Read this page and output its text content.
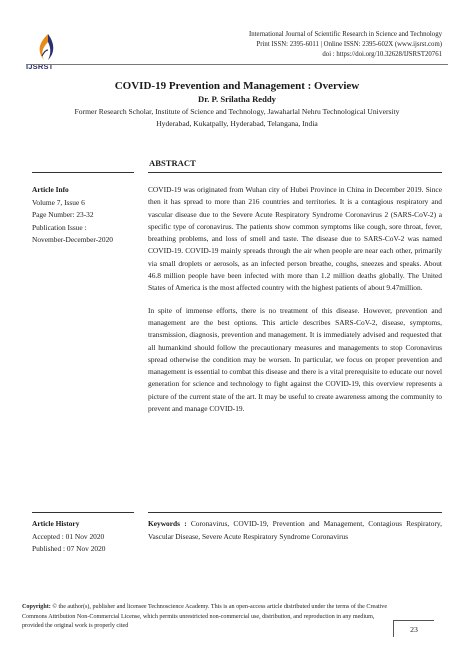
IJSRST
International Journal of Scientific Research in Science and Technology
Print ISSN: 2395-6011 | Online ISSN: 2395-602X (www.ijsrst.com)
doi : https://doi.org/10.32628/IJSRST20761
COVID-19 Prevention and Management : Overview
Dr. P. Srilatha Reddy
Former Research Scholar, Institute of Science and Technology, Jawaharlal Nehru Technological University
Hyderabad, Kukatpally, Hyderabad, Telangana, India
ABSTRACT
Article Info
Volume 7, Issue 6
Page Number: 23-32
Publication Issue :
November-December-2020

COVID-19 was originated from Wuhan city of Hubei Province in China in December 2019. Since then it has spread to more than 216 countries and territories. It is a contagious respiratory and vascular disease due to the Severe Acute Respiratory Syndrome Coronavirus 2 (SARS-CoV-2) a specific type of coronavirus. The patients show common symptoms like cough, sore throat, fever, breathing problems, and loss of smell and taste. The disease due to SARS-CoV-2 was named COVID-19. COVID-19 mainly spreads through the air when people are near each other, primarily via small droplets or aerosols, as an infected person breathe, coughs, sneezes and speaks. About 46.8 million people have been infected with more than 1.2 million deaths globally. The United States of America is the most affected country with the highest patients of about 9.47million.

In spite of immense efforts, there is no treatment of this disease. However, prevention and management are the best options. This article describes SARS-CoV-2, disease, symptoms, transmission, diagnosis, prevention and management. It is immediately advised and requested that all humankind should follow the precautionary measures and managements to stop Coronavirus spread otherwise the condition may be worsen. In particular, we focus on proper prevention and management is essential to combat this disease and there is a vital prerequisite to educate our novel generation for science and technology to fight against the COVID-19, this overview represents a picture of the current state of the art. It may be useful to create awareness among the community to prevent and manage COVID-19.

Article History
Accepted : 01 Nov 2020
Published : 07 Nov 2020
Keywords : Coronavirus, COVID-19, Prevention and Management, Contagious Respiratory, Vascular Disease, Severe Acute Respiratory Syndrome Coronavirus
Copyright: © the author(s), publisher and licensee Technoscience Academy. This is an open-access article distributed under the terms of the Creative Commons Attribution Non-Commercial License, which permits unrestricted non-commercial use, distribution, and reproduction in any medium, provided the original work is properly cited	23
